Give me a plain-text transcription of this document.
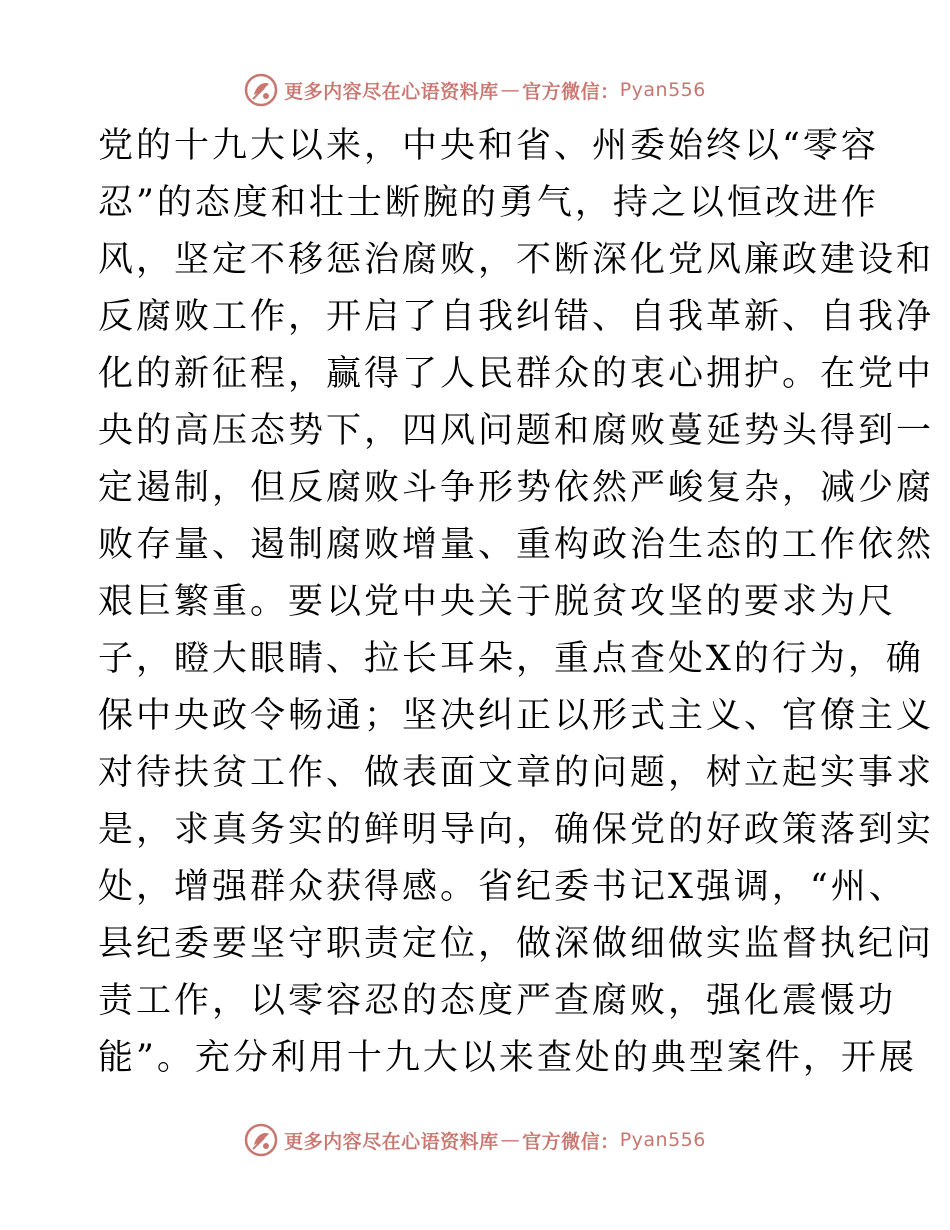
更多内容尽在心语资料库 — 官方微信： Pyan556
党的十九大以来，中央和省、州委始终以“零容
忍”的态度和壮士断腕的勇气，持之以恒改进作
风，坚定不移惩治腐败，不断深化党风廉政建设和
反腐败工作，开启了自我纠错、自我革新、自我净
化的新征程，赢得了人民群众的衷心拥护。在党中
央的高压态势下，四风问题和腐败蔓延势头得到一
定遏制，但反腐败斗争形势依然严峻复杂，减少腐
败存量、遏制腐败增量、重构政治生态的工作依然
艰巨繁重。要以党中央关于脱贫攻坚的要求为尺
子，瞪大眼睛、拉长耳朵，重点查处X的行为，确
保中央政令畅通；坚决纠正以形式主义、官僚主义
对待扶贫工作、做表面文章的问题，树立起实事求
是，求真务实的鲜明导向，确保党的好政策落到实
处，增强群众获得感。省纪委书记X强调，“州、
县纪委要坚守职责定位，做深做细做实监督执纪问
责工作，以零容忍的态度严查腐败，强化震慑功
能”。充分利用十九大以来查处的典型案件，开展
更多内容尽在心语资料库 — 官方微信： Pyan556
